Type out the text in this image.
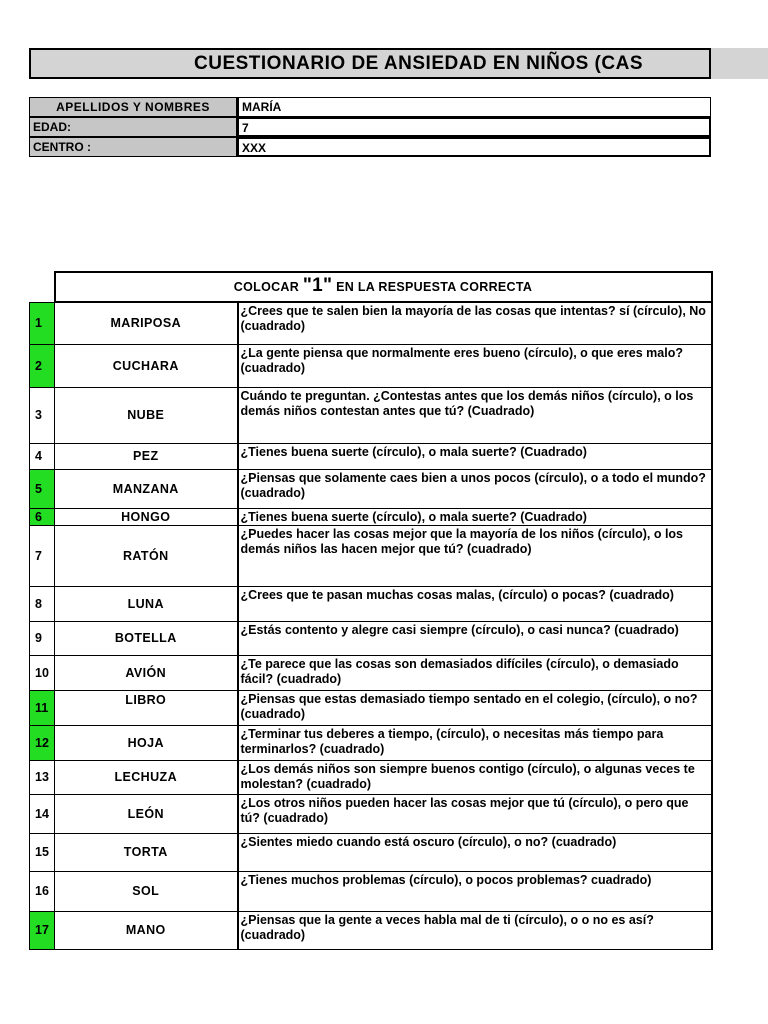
CUESTIONARIO DE ANSIEDAD EN NIÑOS (CAS
APELLIDOS Y NOMBRES	MARÍA
EDAD:	7
CENTRO :	XXX
	COLOCAR "1" EN LA RESPUESTA CORRECTA	
1	MARIPOSA	¿Crees que te salen bien la mayoría de las cosas que intentas? sí (círculo), No (cuadrado)
2	CUCHARA	¿La gente piensa que normalmente eres bueno (círculo), o que eres malo? (cuadrado)
3	NUBE	Cuándo te preguntan. ¿Contestas antes que los demás niños (círculo), o los demás niños contestan antes que tú? (Cuadrado)
4	PEZ	¿Tienes buena suerte (círculo), o mala suerte? (Cuadrado)
5	MANZANA	¿Piensas que solamente caes bien a unos pocos (círculo), o a todo el mundo? (cuadrado)
6	HONGO	¿Tienes buena suerte (círculo), o mala suerte? (Cuadrado)
7	RATÓN	¿Puedes hacer las cosas mejor que la mayoría de los niños (círculo), o los demás niños las hacen mejor que tú? (cuadrado)
8	LUNA	¿Crees que te pasan muchas cosas malas, (círculo) o pocas? (cuadrado)
9	BOTELLA	¿Estás contento y alegre casi siempre (círculo), o casi nunca? (cuadrado)
10	AVIÓN	¿Te parece que las cosas son demasiados difíciles (círculo), o demasiado fácil? (cuadrado)
11	LIBRO	¿Piensas que estas demasiado tiempo sentado en el colegio, (círculo), o no? (cuadrado)
12	HOJA	¿Terminar tus deberes a tiempo, (círculo), o necesitas más tiempo para terminarlos? (cuadrado)
13	LECHUZA	¿Los demás niños son siempre buenos contigo (círculo), o algunas veces te molestan? (cuadrado)
14	LEÓN	¿Los otros niños pueden hacer las cosas mejor que tú (círculo), o pero que tú? (cuadrado)
15	TORTA	¿Sientes miedo cuando está oscuro (círculo), o no? (cuadrado)
16	SOL	¿Tienes muchos problemas (círculo), o pocos problemas? cuadrado)
17	MANO	¿Piensas que la gente a veces habla mal de ti (círculo), o o no es así? (cuadrado)
